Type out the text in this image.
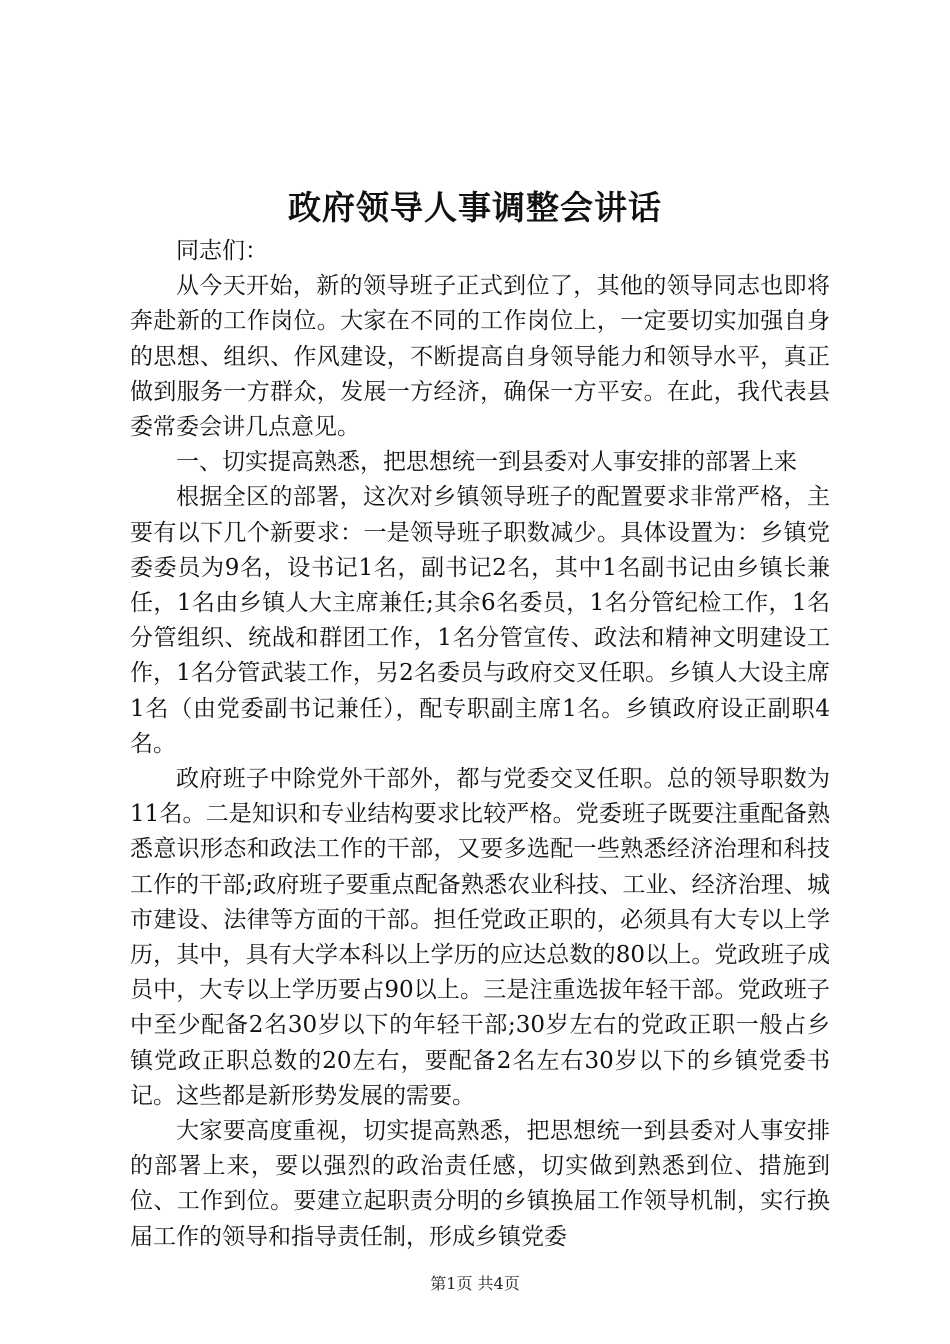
政府领导人事调整会讲话

同志们：

从今天开始，新的领导班子正式到位了，其他的领导同志也即将奔赴新的工作岗位。大家在不同的工作岗位上，一定要切实加强自身的思想、组织、作风建设，不断提高自身领导能力和领导水平，真正做到服务一方群众，发展一方经济，确保一方平安。在此，我代表县委常委会讲几点意见。

一、切实提高熟悉，把思想统一到县委对人事安排的部署上来

根据全区的部署，这次对乡镇领导班子的配置要求非常严格，主要有以下几个新要求：一是领导班子职数减少。具体设置为：乡镇党委委员为9名，设书记1名，副书记2名，其中1名副书记由乡镇长兼任，1名由乡镇人大主席兼任;其余6名委员，1名分管纪检工作，1名分管组织、统战和群团工作，1名分管宣传、政法和精神文明建设工作，1名分管武装工作，另2名委员与政府交叉任职。乡镇人大设主席1名（由党委副书记兼任），配专职副主席1名。乡镇政府设正副职4名。

政府班子中除党外干部外，都与党委交叉任职。总的领导职数为11名。二是知识和专业结构要求比较严格。党委班子既要注重配备熟悉意识形态和政法工作的干部，又要多选配一些熟悉经济治理和科技工作的干部;政府班子要重点配备熟悉农业科技、工业、经济治理、城市建设、法律等方面的干部。担任党政正职的，必须具有大专以上学历，其中，具有大学本科以上学历的应达总数的80以上。党政班子成员中，大专以上学历要占90以上。三是注重选拔年轻干部。党政班子中至少配备2名30岁以下的年轻干部;30岁左右的党政正职一般占乡镇党政正职总数的20左右，要配备2名左右30岁以下的乡镇党委书记。这些都是新形势发展的需要。

大家要高度重视，切实提高熟悉，把思想统一到县委对人事安排的部署上来，要以强烈的政治责任感，切实做到熟悉到位、措施到位、工作到位。要建立起职责分明的乡镇换届工作领导机制，实行换届工作的领导和指导责任制，形成乡镇党委

第1页 共4页
